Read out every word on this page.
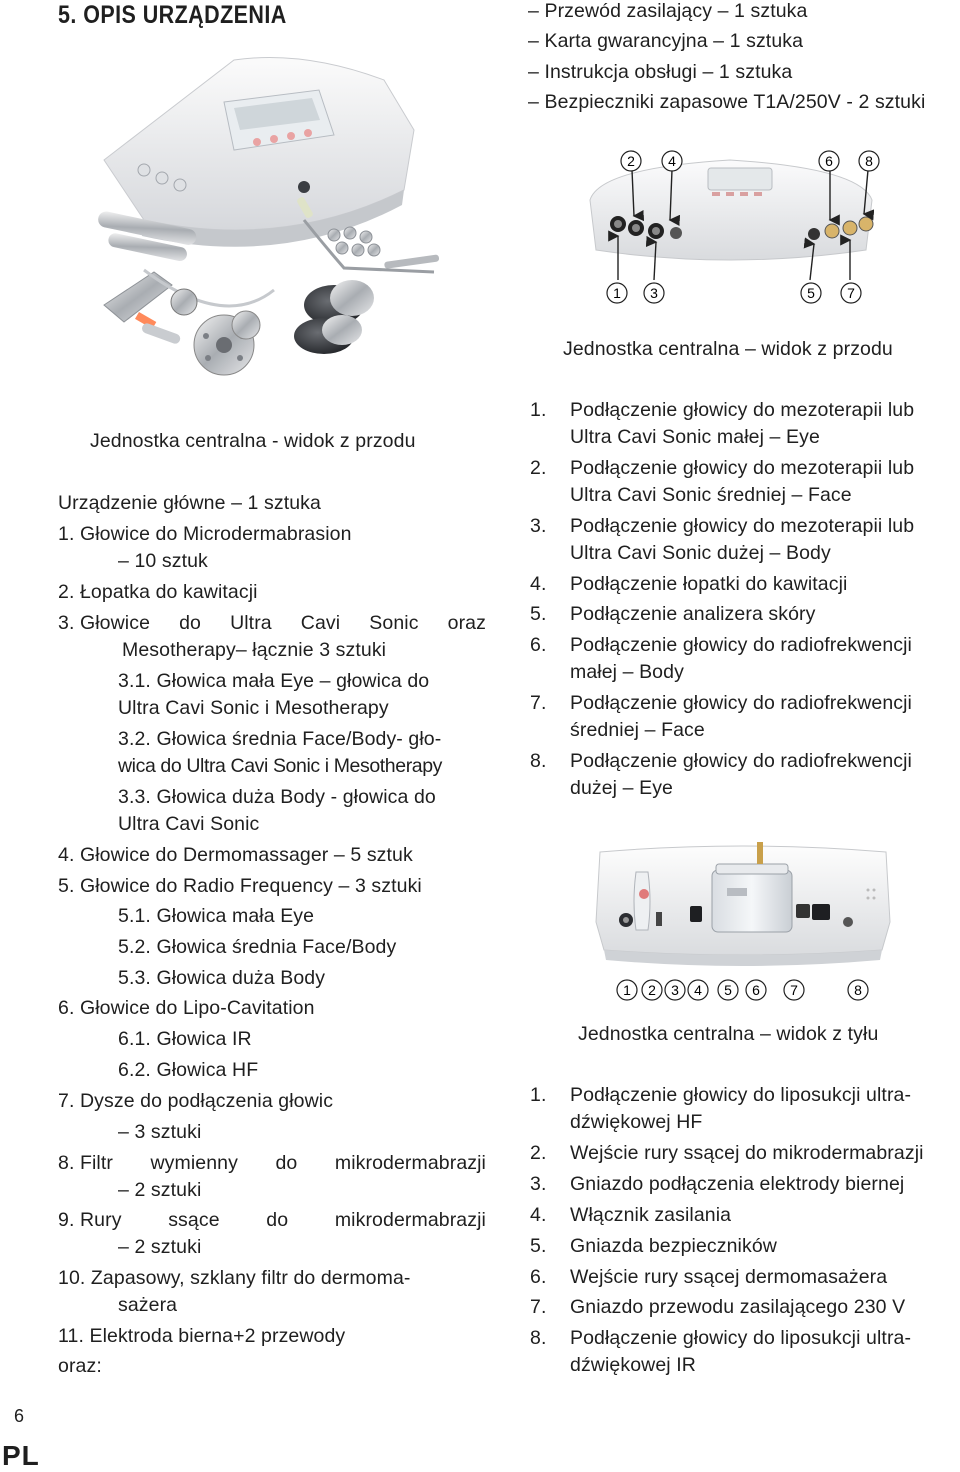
5. OPIS URZĄDZENIA	– Przewód zasilający – 1 sztuka
– Karta gwarancyjna – 1 sztuka
– Instrukcja obsługi – 1 sztuka
– Bezpieczniki zapasowe T1A/250V - 2 sztuki
2 4	6 8
1 3	5 7
Jednostka centralna – widok z przodu
Jednostka centralna - widok z przodu
Urządzenie główne – 1 sztuka
1. Głowice do Microdermabrasion
– 10 sztuk
2. Łopatka do kawitacji
3. Głowice do Ultra Cavi Sonic oraz
Mesotherapy– łącznie 3 sztuki
3.1. Głowica mała Eye – głowica do
Ultra Cavi Sonic i Mesotherapy
3.2. Głowica średnia Face/Body- gło-
wica do Ultra Cavi Sonic i Mesotherapy
3.3. Głowica duża Body - głowica do
Ultra Cavi Sonic
4. Głowice do Dermomassager – 5 sztuk
5. Głowice do Radio Frequency – 3 sztuki
5.1. Głowica mała Eye
5.2. Głowica średnia Face/Body
5.3. Głowica duża Body
6. Głowice do Lipo-Cavitation
6.1. Głowica IR
6.2. Głowica HF
7. Dysze do podłączenia głowic
– 3 sztuki
8. Filtr wymienny do mikrodermabrazji
– 2 sztuki
9. Rury ssące do mikrodermabrazji
– 2 sztuki
10. Zapasowy, szklany filtr do dermoma-
sażera
11. Elektroda bierna+2 przewody
oraz:
1. Podłączenie głowicy do mezoterapii lub
Ultra Cavi Sonic małej – Eye
2. Podłączenie głowicy do mezoterapii lub
Ultra Cavi Sonic średniej – Face
3. Podłączenie głowicy do mezoterapii lub
Ultra Cavi Sonic dużej – Body
4. Podłączenie łopatki do kawitacji
5. Podłączenie analizera skóry
6. Podłączenie głowicy do radiofrekwencji
małej – Body
7. Podłączenie głowicy do radiofrekwencji
średniej – Face
8. Podłączenie głowicy do radiofrekwencji
dużej – Eye
1 2 3 4 5 6 7	8
Jednostka centralna – widok z tyłu
1. Podłączenie głowicy do liposukcji ultra-
dźwiękowej HF
2. Wejście rury ssącej do mikrodermabrazji
3. Gniazdo podłączenia elektrody biernej
4. Włącznik zasilania
5. Gniazda bezpieczników
6. Wejście rury ssącej dermomasażera
7. Gniazdo przewodu zasilającego 230 V
8. Podłączenie głowicy do liposukcji ultra-
dźwiękowej IR
6
PL
